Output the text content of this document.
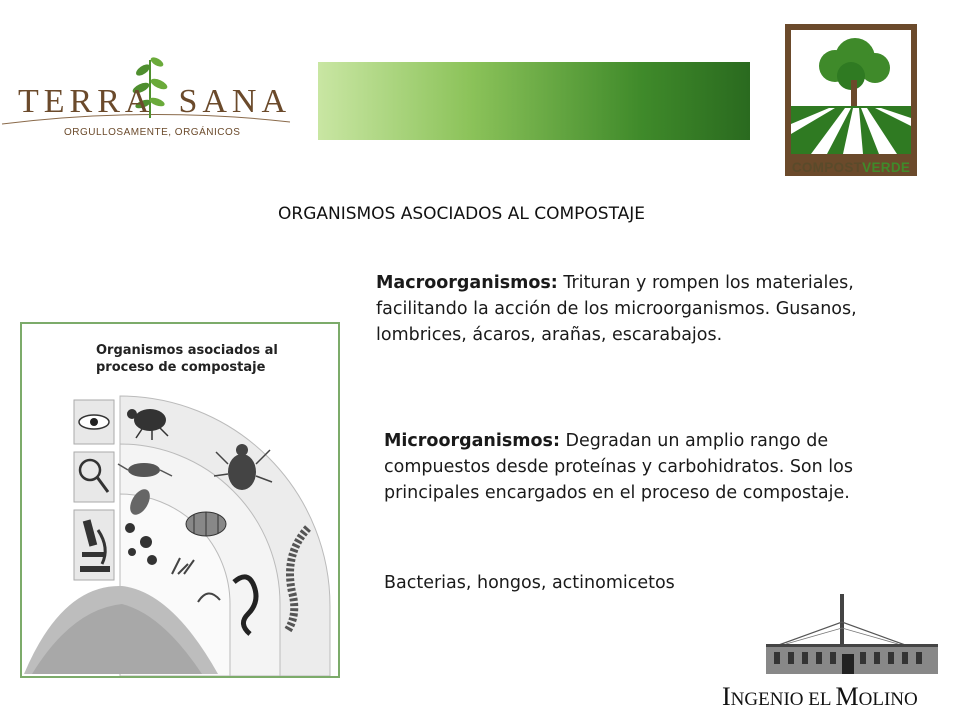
TERRA SANA
ORGULLOSAMENTE, ORGÁNICOS
COMPOSTVERDE
ORGANISMOS ASOCIADOS AL COMPOSTAJE
Macroorganismos: Trituran y rompen los materiales, facilitando la acción de los microorganismos. Gusanos, lombrices, ácaros, arañas, escarabajos.
Microorganismos: Degradan un amplio rango de compuestos desde proteínas y carbohidratos. Son los principales encargados en el proceso de compostaje.
Bacterias, hongos, actinomicetos
Organismos asociados al proceso de compostaje
INGENIO EL MOLINO
